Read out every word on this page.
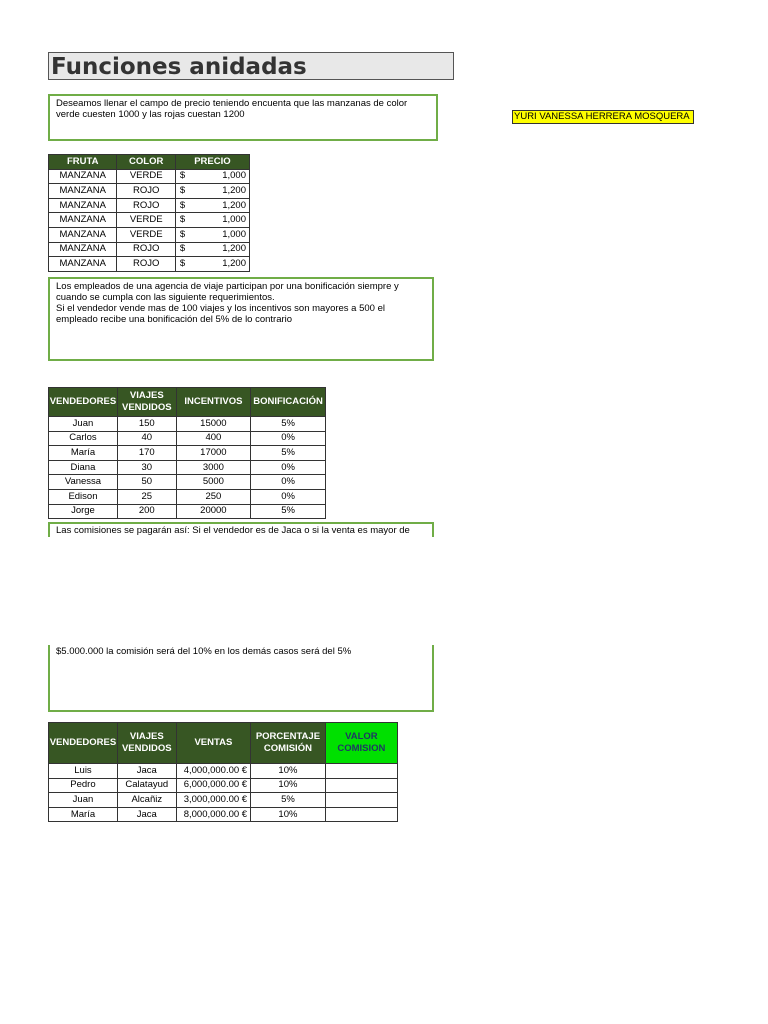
Funciones anidadas
Deseamos llenar el campo de precio teniendo encuenta que las manzanas de color verde cuesten 1000 y las rojas cuestan 1200	YURI VANESSA HERRERA MOSQUERA
FRUTA	COLOR	PRECIO
MANZANA	VERDE	$ 1,000

MANZANA	ROJO	$ 1,200

MANZANA	ROJO	$ 1,200

MANZANA	VERDE	$ 1,000

MANZANA	VERDE	$ 1,000

MANZANA	ROJO	$ 1,200

MANZANA	ROJO	$ 1,200
Los empleados de una agencia de viaje participan por una bonificación siempre y cuando se cumpla con las siguiente requerimientos.
Si el vendedor vende mas de 100 viajes y los incentivos son mayores a 500 el empleado recibe una bonificación del 5% de lo contrario
VENDEDORES	VIAJES VENDIDOS	INCENTIVOS	BONIFICACIÓN
Juan	150	15000	5%
Carlos	40	400	0%
María	170	17000	5%
Diana	30	3000	0%
Vanessa	50	5000	0%
Edison	25	250	0%
Jorge	200	20000	5%
Las comisiones se pagarán así: Si el vendedor es de Jaca o si la venta es mayor de
$5.000.000 la comisión será del 10% en los demás casos será del 5%
VENDEDORES	VIAJES VENDIDOS	VENTAS	PORCENTAJE COMISIÓN	VALOR COMISION
Luis	Jaca	4,000,000.00 €	10%	
Pedro	Calatayud	6,000,000.00 €	10%	
Juan	Alcañiz	3,000,000.00 €	5%	
María	Jaca	8,000,000.00 €	10%	
